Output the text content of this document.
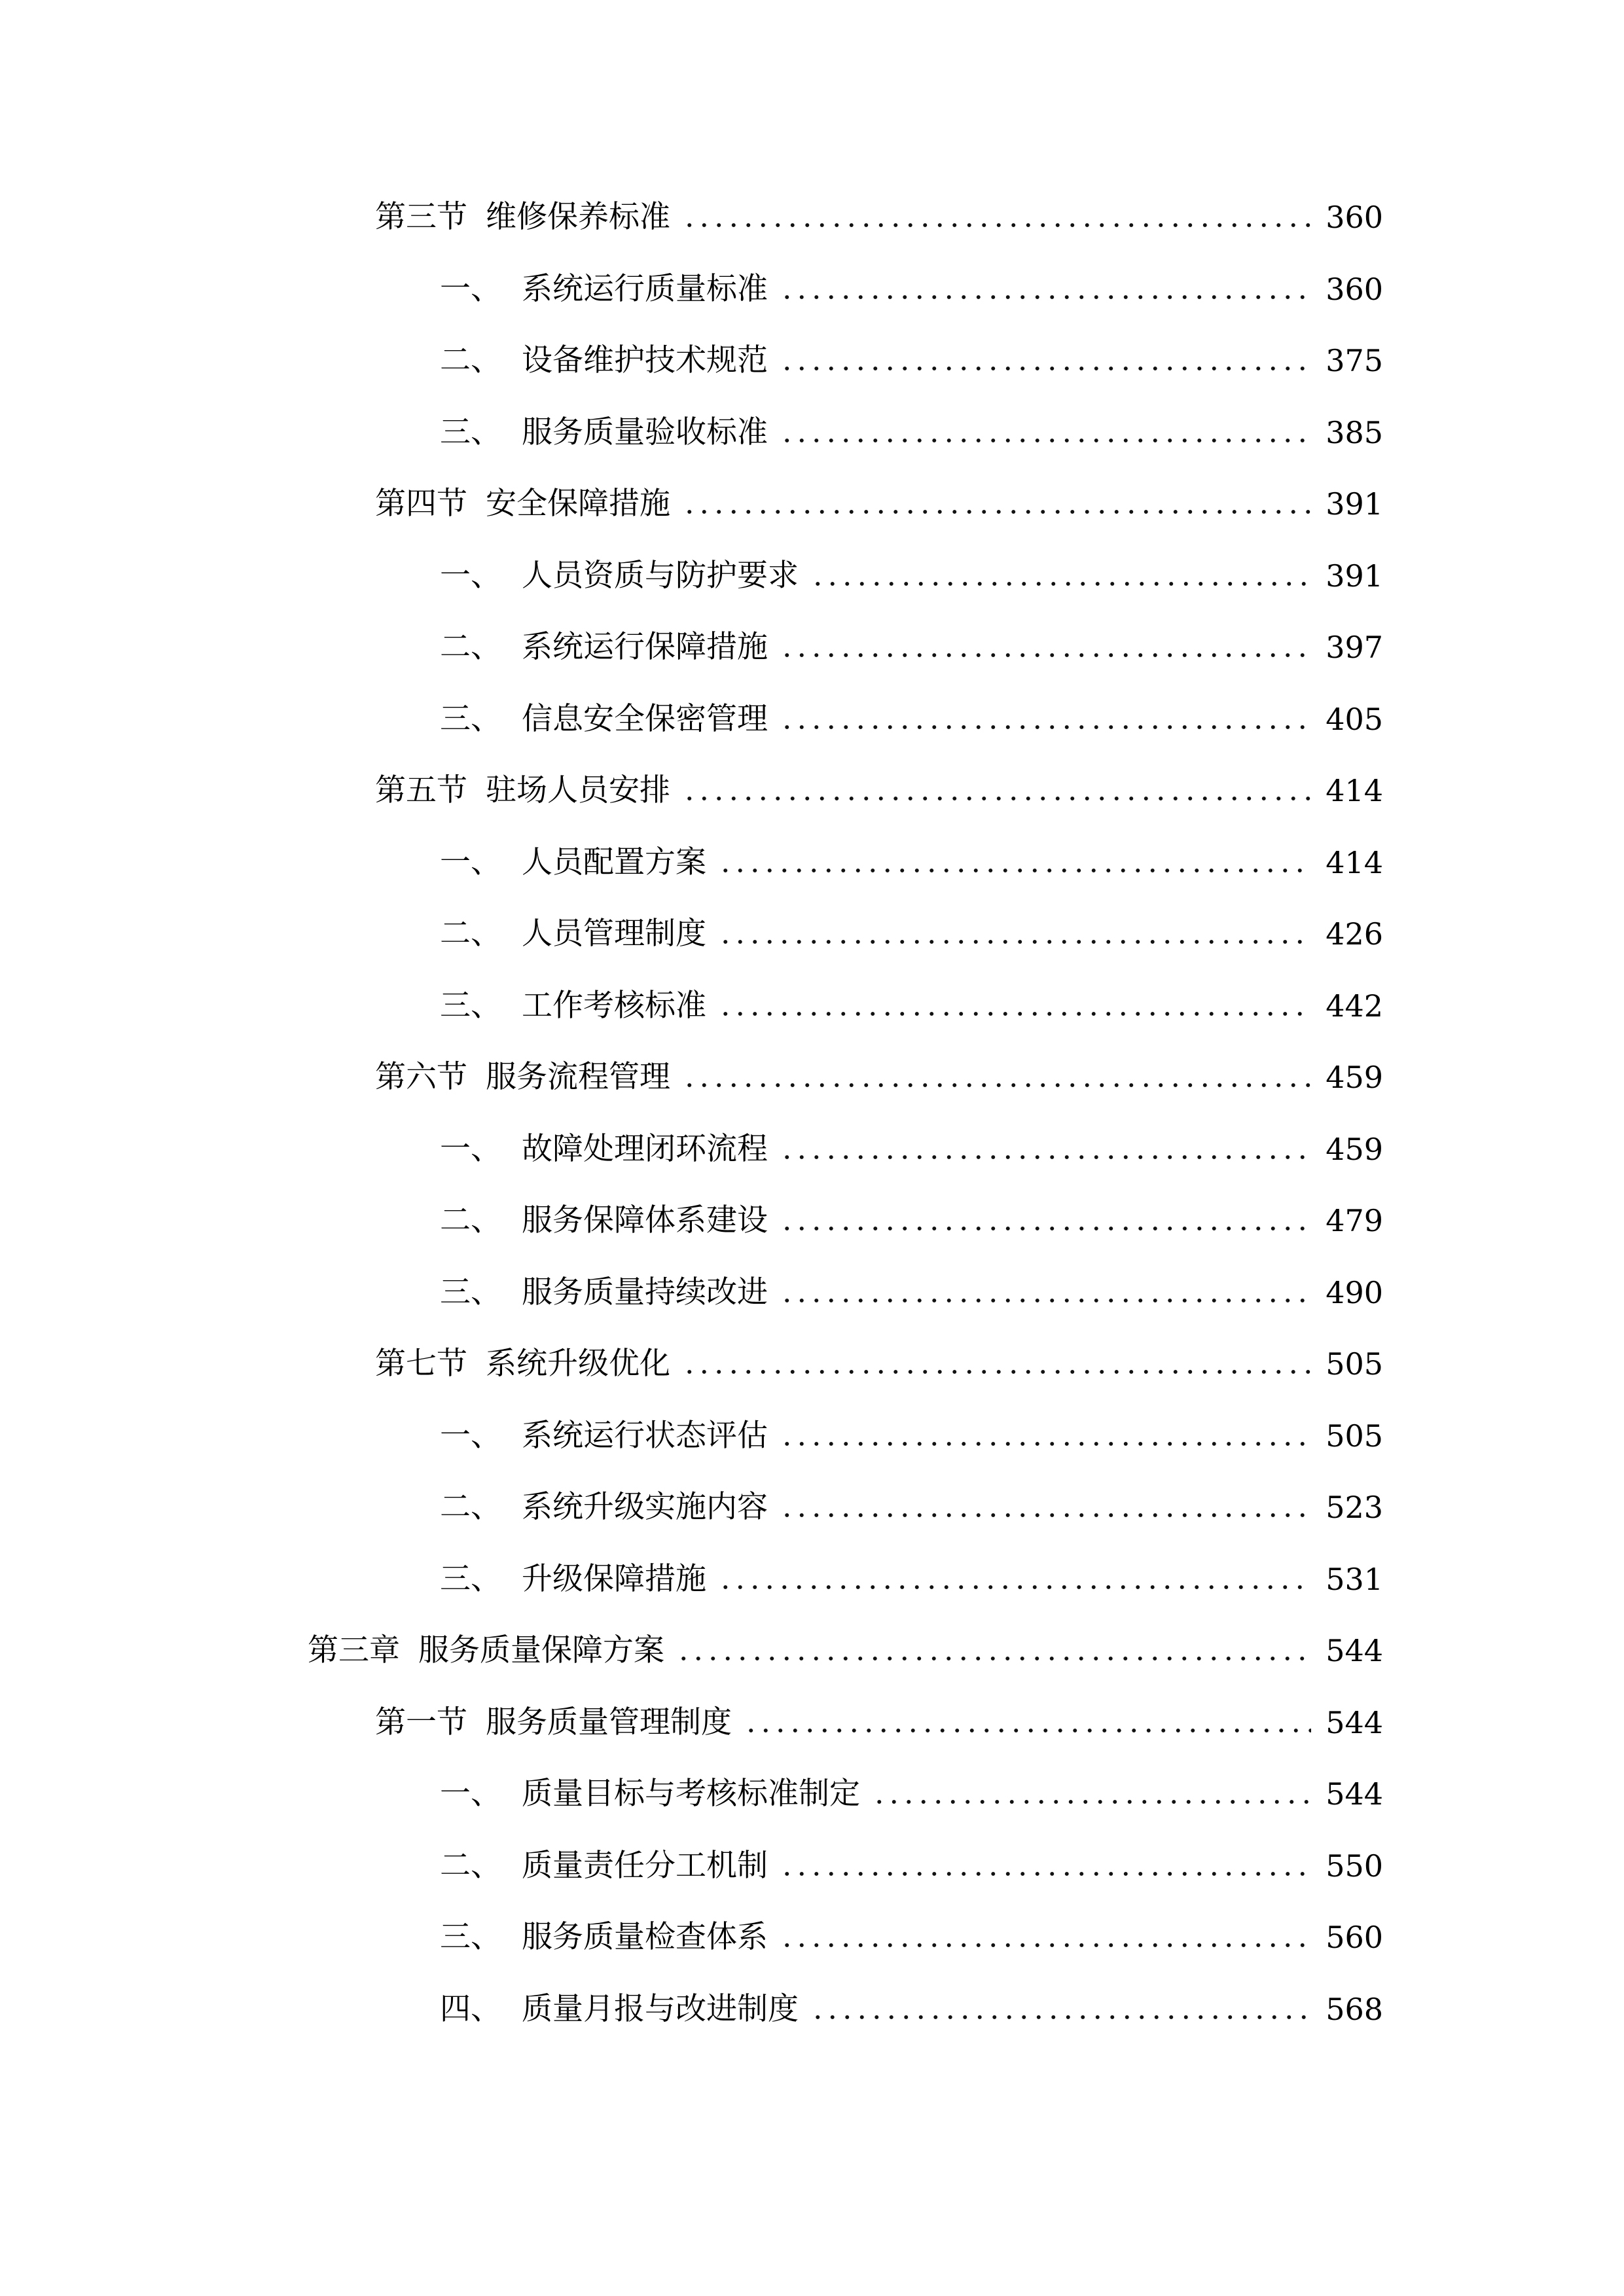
第三节 维修保养标准	360
一、 系统运行质量标准	360
二、 设备维护技术规范	375
三、 服务质量验收标准	385
第四节 安全保障措施	391
一、 人员资质与防护要求	391
二、 系统运行保障措施	397
三、 信息安全保密管理	405
第五节 驻场人员安排	414
一、 人员配置方案	414
二、 人员管理制度	426
三、 工作考核标准	442
第六节 服务流程管理	459
一、 故障处理闭环流程	459
二、 服务保障体系建设	479
三、 服务质量持续改进	490
第七节 系统升级优化	505
一、 系统运行状态评估	505
二、 系统升级实施内容	523
三、 升级保障措施	531
第三章 服务质量保障方案	544
第一节 服务质量管理制度	544
一、 质量目标与考核标准制定	544
二、 质量责任分工机制	550
三、 服务质量检查体系	560
四、 质量月报与改进制度	568
